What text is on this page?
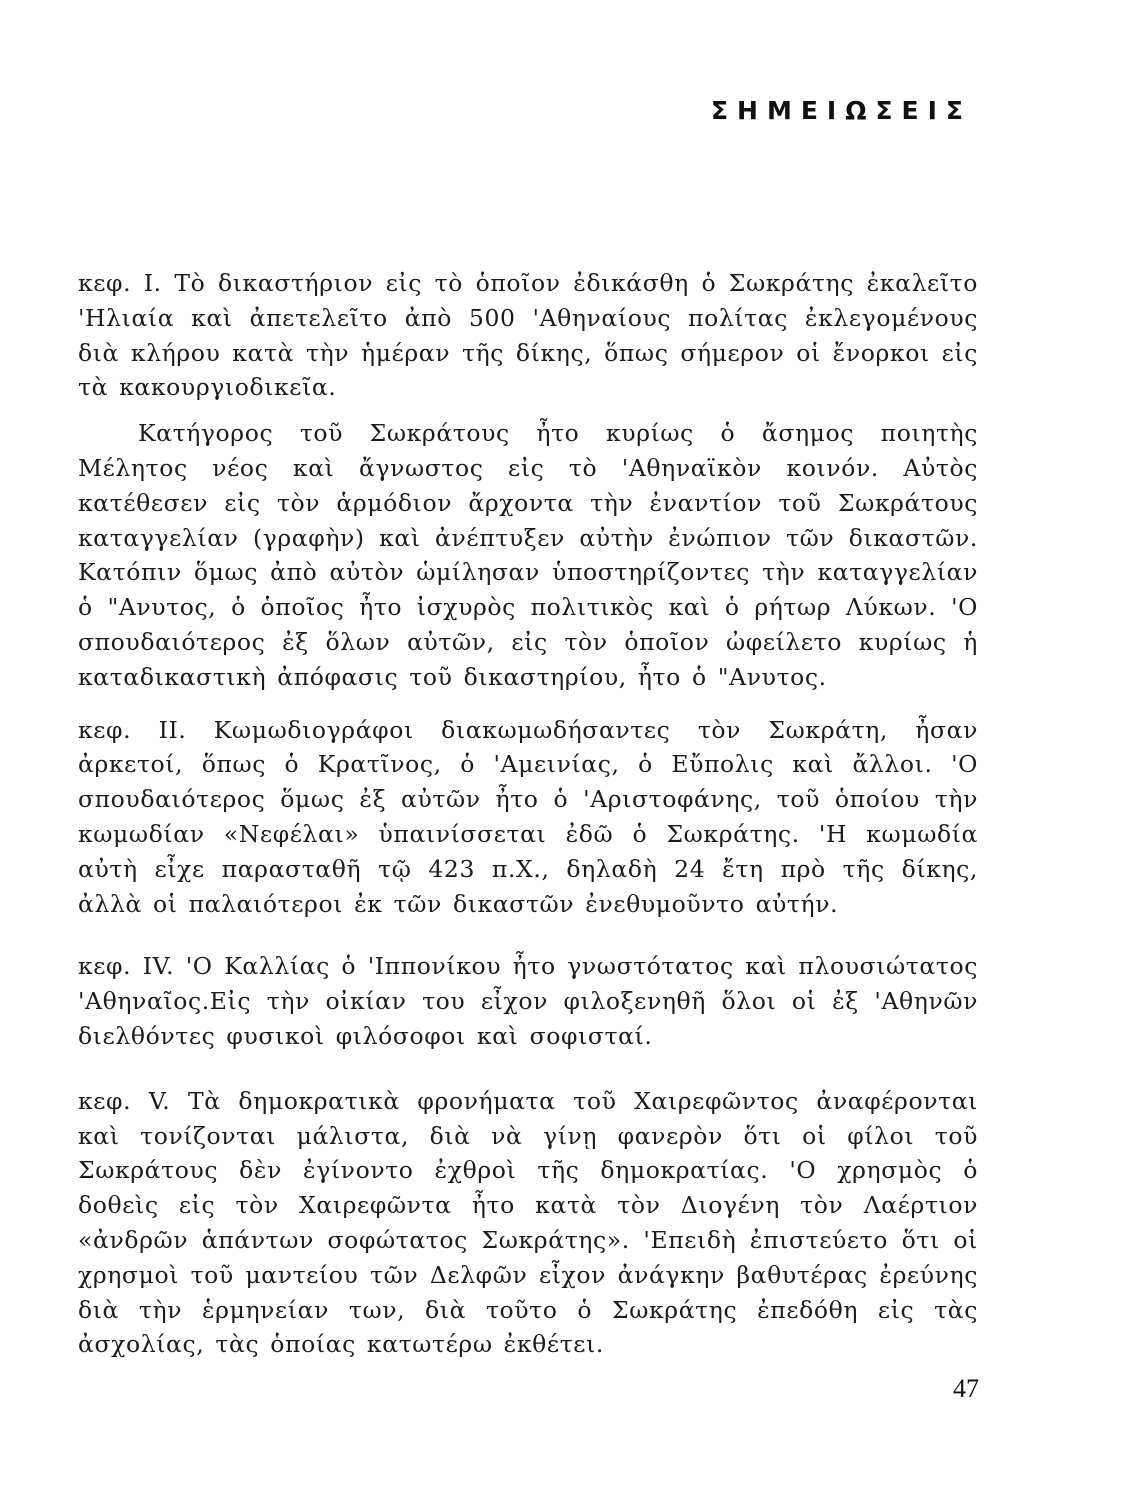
ΣΗΜΕΙΩΣΕΙΣ

κεφ. Ι. Τὸ δικαστήριον εἰς τὸ ὁποῖον ἐδικάσθη ὁ Σωκράτης ἐκαλεῖτο 'Ηλιαία καὶ ἀπετελεῖτο ἀπὸ 500 'Αθηναίους πολίτας ἐκλεγομένους διὰ κλήρου κατὰ τὴν ἡμέραν τῆς δίκης, ὅπως σήμερον οἱ ἔνορκοι εἰς τὰ κακουργιοδικεῖα.

Κατήγορος τοῦ Σωκράτους ἦτο κυρίως ὁ ἄσημος ποιητὴς Μέλητος νέος καὶ ἄγνωστος εἰς τὸ 'Αθηναϊκὸν κοινόν. Αὐτὸς κατέθεσεν εἰς τὸν ἁρμόδιον ἄρχοντα τὴν ἐναντίον τοῦ Σωκράτους καταγγελίαν (γραφὴν) καὶ ἀνέπτυξεν αὐτὴν ἐνώπιον τῶν δικαστῶν. Κατόπιν ὅμως ἀπὸ αὐτὸν ὡμίλησαν ὑποστηρίζοντες τὴν καταγγελίαν ὁ "Ανυτος, ὁ ὁποῖος ἦτο ἰσχυρὸς πολιτικὸς καὶ ὁ ρήτωρ Λύκων. 'Ο σπουδαιότερος ἐξ ὅλων αὐτῶν, εἰς τὸν ὁποῖον ὠφείλετο κυρίως ἡ καταδικαστικὴ ἀπόφασις τοῦ δικαστηρίου, ἦτο ὁ "Ανυτος.

κεφ. ΙΙ. Κωμωδιογράφοι διακωμωδήσαντες τὸν Σωκράτη, ἦσαν ἀρκετοί, ὅπως ὁ Κρατῖνος, ὁ 'Αμεινίας, ὁ Εὔπολις καὶ ἄλλοι. 'Ο σπουδαιότερος ὅμως ἐξ αὐτῶν ἦτο ὁ 'Αριστοφάνης, τοῦ ὁποίου τὴν κωμωδίαν «Νεφέλαι» ὑπαινίσσεται ἐδῶ ὁ Σωκράτης. 'Η κωμωδία αὐτὴ εἶχε παρασταθῆ τῷ 423 π.Χ., δηλαδὴ 24 ἔτη πρὸ τῆς δίκης, ἀλλὰ οἱ παλαιότεροι ἐκ τῶν δικαστῶν ἐνεθυμοῦντο αὐτήν.

κεφ. ΙV. 'Ο Καλλίας ὁ 'Ιππονίκου ἦτο γνωστότατος καὶ πλουσιώτατος 'Αθηναῖος.Εἰς τὴν οἰκίαν του εἶχον φιλοξενηθῆ ὅλοι οἱ ἐξ 'Αθηνῶν διελθόντες φυσικοὶ φιλόσοφοι καὶ σοφισταί.

κεφ. V. Τὰ δημοκρατικὰ φρονήματα τοῦ Χαιρεφῶντος ἀναφέρονται καὶ τονίζονται μάλιστα, διὰ νὰ γίνῃ φανερὸν ὅτι οἱ φίλοι τοῦ Σωκράτους δὲν ἐγίνοντο ἐχθροὶ τῆς δημοκρατίας. 'Ο χρησμὸς ὁ δοθεὶς εἰς τὸν Χαιρεφῶντα ἦτο κατὰ τὸν Διογένη τὸν Λαέρτιον «ἀνδρῶν ἁπάντων σοφώτατος Σωκράτης». 'Επειδὴ ἐπιστεύετο ὅτι οἱ χρησμοὶ τοῦ μαντείου τῶν Δελφῶν εἶχον ἀνάγκην βαθυτέρας ἐρεύνης διὰ τὴν ἑρμηνείαν των, διὰ τοῦτο ὁ Σωκράτης ἐπεδόθη εἰς τὰς ἀσχολίας, τὰς ὁποίας κατωτέρω ἐκθέτει.

47
